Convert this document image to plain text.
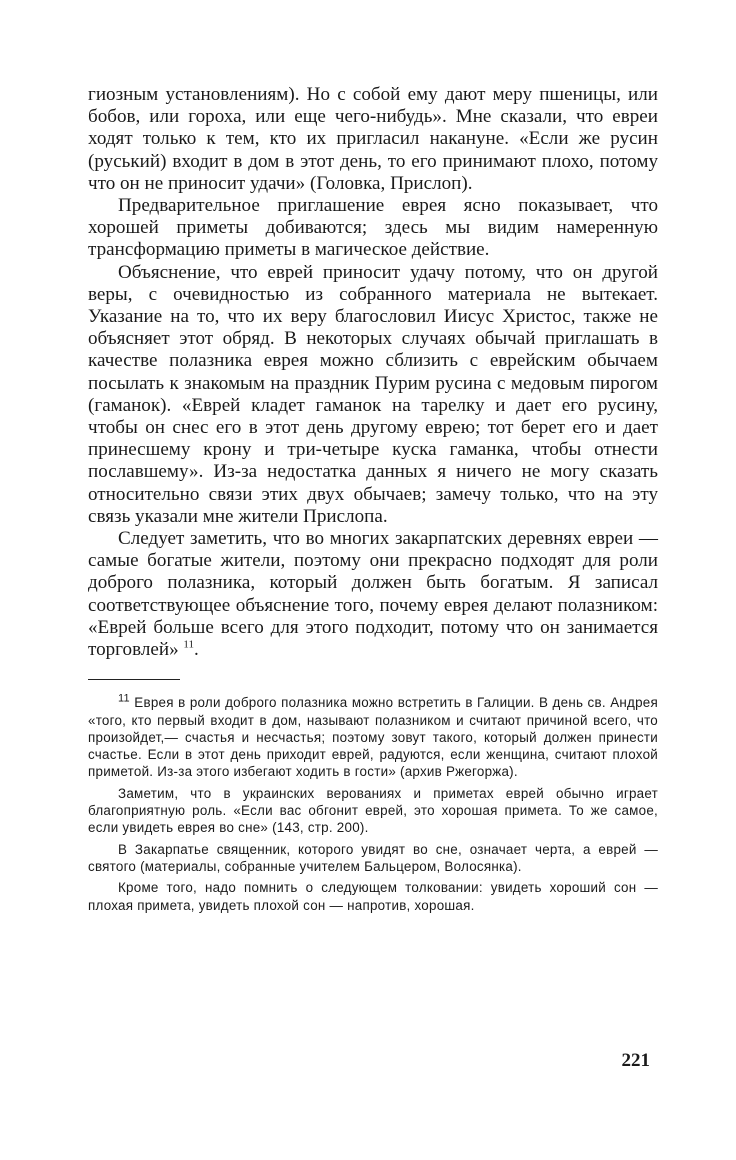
гиозным установлениям). Но с собой ему дают меру пшеницы, или бобов, или гороха, или еще чего-нибудь». Мне сказали, что евреи ходят только к тем, кто их пригласил накануне. «Если же русин (руський) входит в дом в этот день, то его принимают плохо, потому что он не приносит удачи» (Головка, Прислоп).

Предварительное приглашение еврея ясно показывает, что хорошей приметы добиваются; здесь мы видим намеренную трансформацию приметы в магическое действие.

Объяснение, что еврей приносит удачу потому, что он другой веры, с очевидностью из собранного материала не вытекает. Указание на то, что их веру благословил Иисус Христос, также не объясняет этот обряд. В некоторых случаях обычай приглашать в качестве полазника еврея можно сблизить с еврейским обычаем посылать к знакомым на праздник Пурим русина с медовым пирогом (гаманок). «Еврей кладет гаманок на тарелку и дает его русину, чтобы он снес его в этот день другому еврею; тот берет его и дает принесшему крону и три-четыре куска гаманка, чтобы отнести пославшему». Из-за недостатка данных я ничего не могу сказать относительно связи этих двух обычаев; замечу только, что на эту связь указали мне жители Прислопа.

Следует заметить, что во многих закарпатских деревнях евреи — самые богатые жители, поэтому они прекрасно подходят для роли доброго полазника, который должен быть богатым. Я записал соответствующее объяснение того, почему еврея делают полазником: «Еврей больше всего для этого подходит, потому что он занимается торговлей» $^{11}$.

$^{11}$ Еврея в роли доброго полазника можно встретить в Галиции. В день св. Андрея «того, кто первый входит в дом, называют полазником и считают причиной всего, что произойдет,— счастья и несчастья; поэтому зовут такого, который должен принести счастье. Если в этот день приходит еврей, радуются, если женщина, считают плохой приметой. Из-за этого избегают ходить в гости» (архив Ржегоржа).

Заметим, что в украинских верованиях и приметах еврей обычно играет благоприятную роль. «Если вас обгонит еврей, это хорошая примета. То же самое, если увидеть еврея во сне» (143, стр. 200).

В Закарпатье священник, которого увидят во сне, означает черта, а еврей — святого (материалы, собранные учителем Бальцером, Волосянка).

Кроме того, надо помнить о следующем толковании: увидеть хороший сон — плохая примета, увидеть плохой сон — напротив, хорошая.

221
